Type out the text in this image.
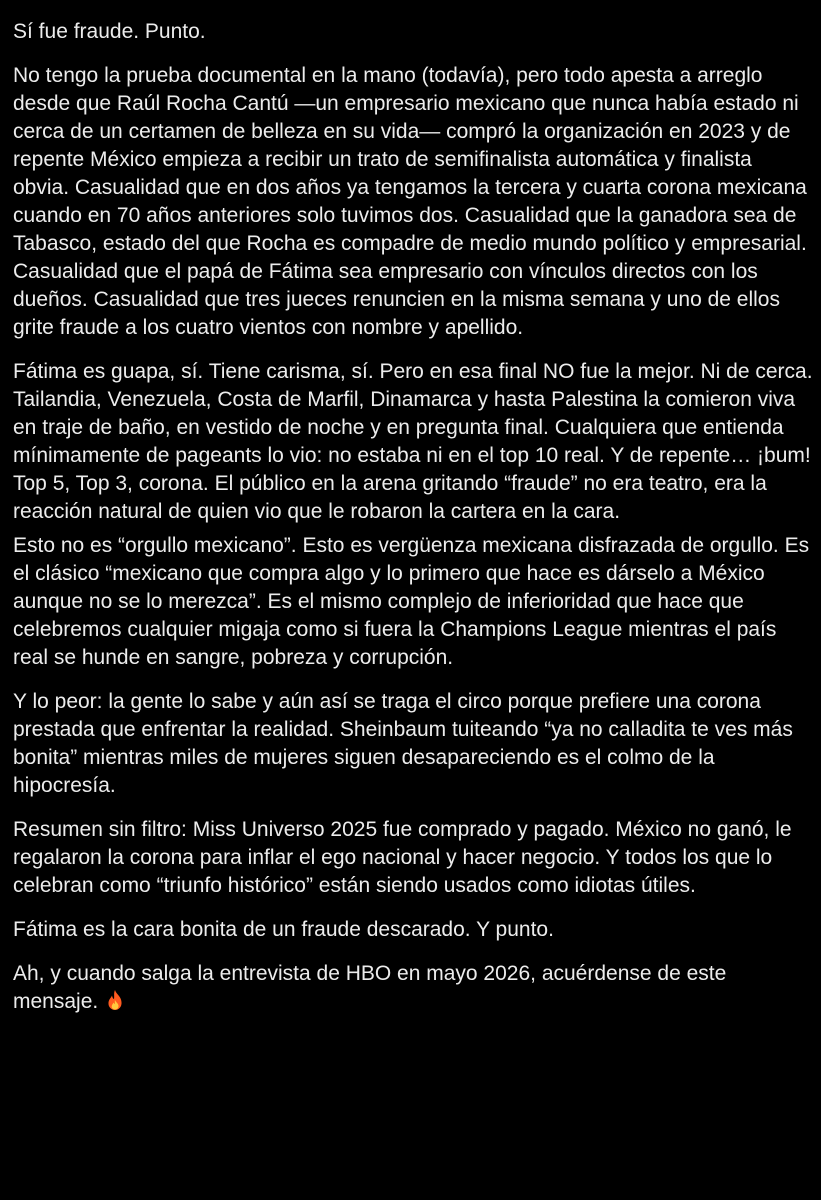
Sí fue fraude. Punto.

No tengo la prueba documental en la mano (todavía), pero todo apesta a arreglo desde que Raúl Rocha Cantú —un empresario mexicano que nunca había estado ni cerca de un certamen de belleza en su vida— compró la organización en 2023 y de repente México empieza a recibir un trato de semifinalista automática y finalista obvia. Casualidad que en dos años ya tengamos la tercera y cuarta corona mexicana cuando en 70 años anteriores solo tuvimos dos. Casualidad que la ganadora sea de Tabasco, estado del que Rocha es compadre de medio mundo político y empresarial. Casualidad que el papá de Fátima sea empresario con vínculos directos con los dueños. Casualidad que tres jueces renuncien en la misma semana y uno de ellos grite fraude a los cuatro vientos con nombre y apellido.

Fátima es guapa, sí. Tiene carisma, sí. Pero en esa final NO fue la mejor. Ni de cerca. Tailandia, Venezuela, Costa de Marfil, Dinamarca y hasta Palestina la comieron viva en traje de baño, en vestido de noche y en pregunta final. Cualquiera que entienda mínimamente de pageants lo vio: no estaba ni en el top 10 real. Y de repente… ¡bum! Top 5, Top 3, corona. El público en la arena gritando “fraude” no era teatro, era la reacción natural de quien vio que le robaron la cartera en la cara.

Esto no es “orgullo mexicano”. Esto es vergüenza mexicana disfrazada de orgullo. Es el clásico “mexicano que compra algo y lo primero que hace es dárselo a México aunque no se lo merezca”. Es el mismo complejo de inferioridad que hace que celebremos cualquier migaja como si fuera la Champions League mientras el país real se hunde en sangre, pobreza y corrupción.

Y lo peor: la gente lo sabe y aún así se traga el circo porque prefiere una corona prestada que enfrentar la realidad. Sheinbaum tuiteando “ya no calladita te ves más bonita” mientras miles de mujeres siguen desapareciendo es el colmo de la hipocresía.

Resumen sin filtro: Miss Universo 2025 fue comprado y pagado. México no ganó, le regalaron la corona para inflar el ego nacional y hacer negocio. Y todos los que lo celebran como “triunfo histórico” están siendo usados como idiotas útiles.

Fátima es la cara bonita de un fraude descarado. Y punto.

Ah, y cuando salga la entrevista de HBO en mayo 2026, acuérdense de este mensaje.
